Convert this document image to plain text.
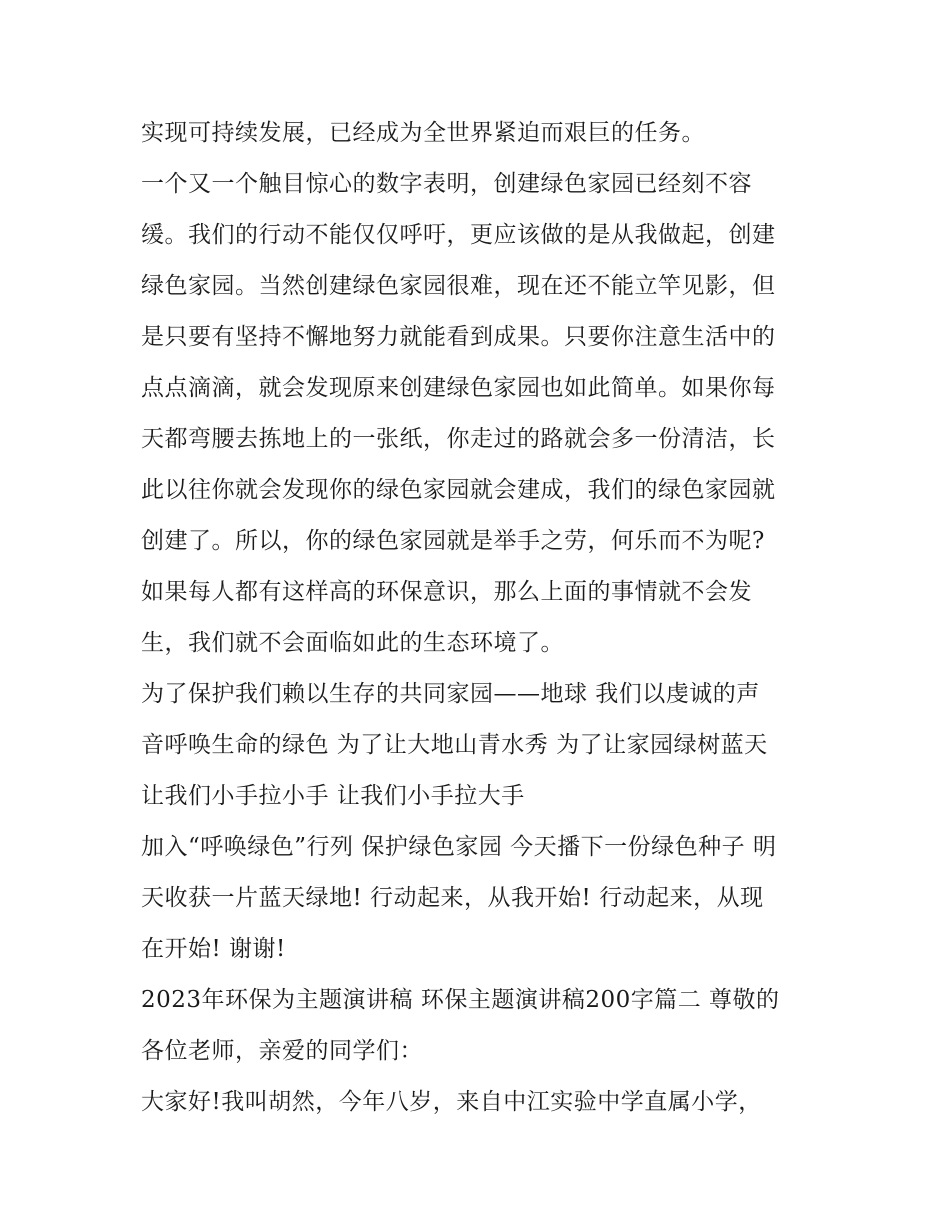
实现可持续发展，已经成为全世界紧迫而艰巨的任务。
一个又一个触目惊心的数字表明，创建绿色家园已经刻不容
缓。我们的行动不能仅仅呼吁，更应该做的是从我做起，创建
绿色家园。当然创建绿色家园很难，现在还不能立竿见影，但
是只要有坚持不懈地努力就能看到成果。只要你注意生活中的
点点滴滴，就会发现原来创建绿色家园也如此简单。如果你每
天都弯腰去拣地上的一张纸，你走过的路就会多一份清洁，长
此以往你就会发现你的绿色家园就会建成，我们的绿色家园就
创建了。所以，你的绿色家园就是举手之劳，何乐而不为呢?
如果每人都有这样高的环保意识，那么上面的事情就不会发
生，我们就不会面临如此的生态环境了。
为了保护我们赖以生存的共同家园——地球 我们以虔诚的声
音呼唤生命的绿色 为了让大地山青水秀 为了让家园绿树蓝天
让我们小手拉小手 让我们小手拉大手
加入“呼唤绿色”行列 保护绿色家园 今天播下一份绿色种子 明
天收获一片蓝天绿地! 行动起来，从我开始! 行动起来，从现
在开始! 谢谢!
2023年环保为主题演讲稿 环保主题演讲稿200字篇二 尊敬的
各位老师，亲爱的同学们：
大家好!我叫胡然，今年八岁，来自中江实验中学直属小学，
